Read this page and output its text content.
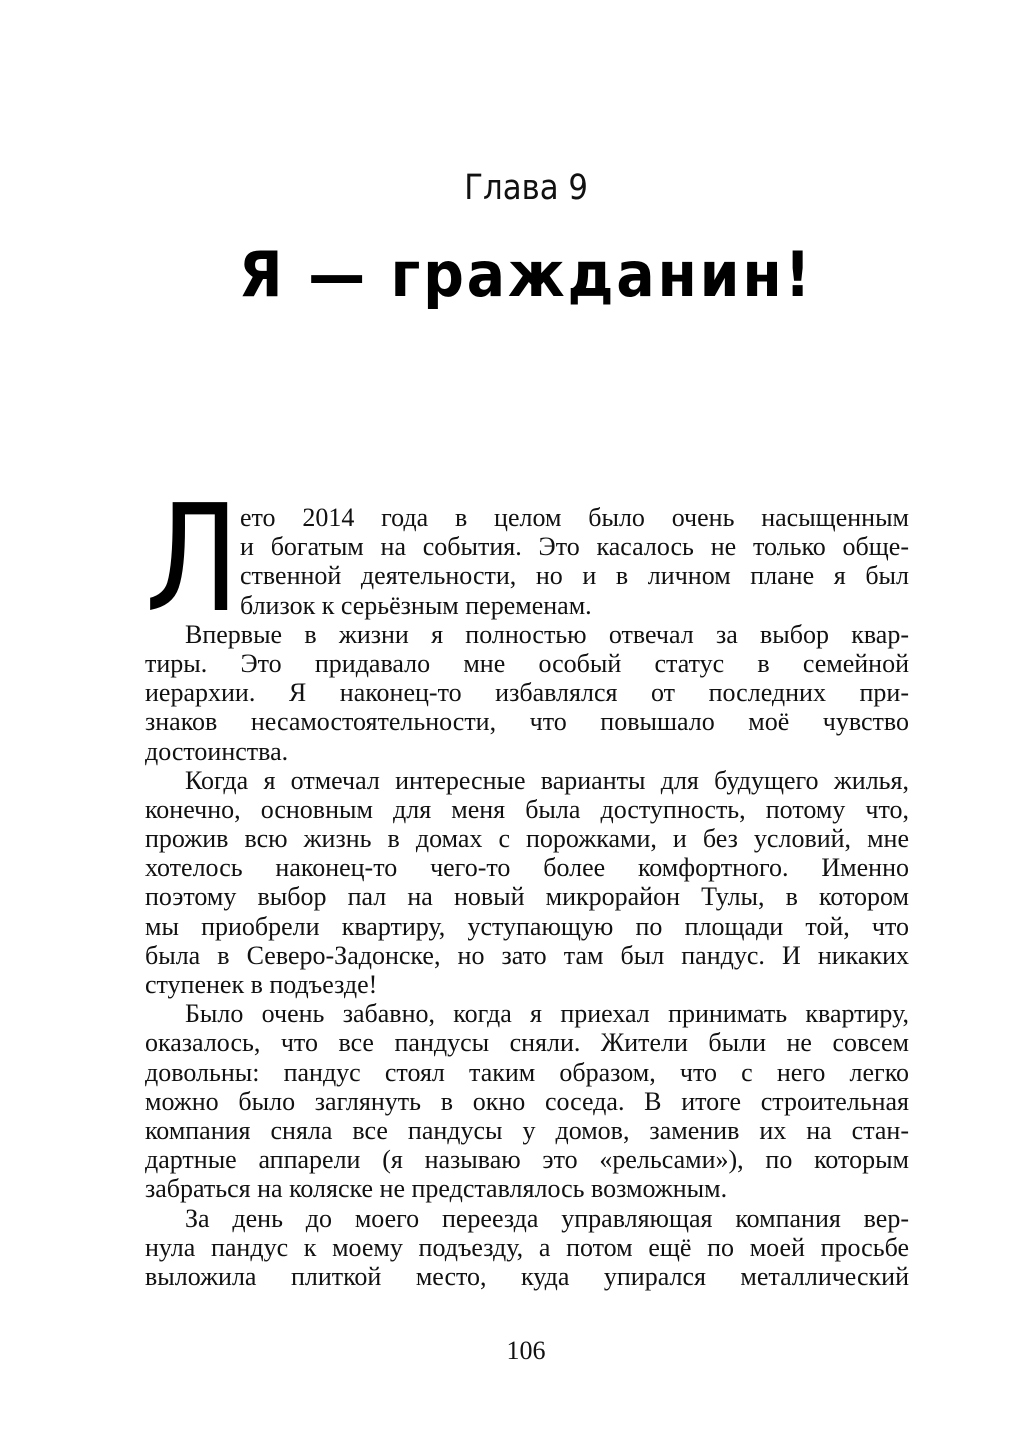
Глава 9
Я — гражданин!
Л ето 2014 года в целом было очень насыщенным
и богатым на события. Это касалось не только обще-
ственной деятельности, но и в личном плане я был
близок к серьёзным переменам.
Впервые в жизни я полностью отвечал за выбор квар-
тиры. Это придавало мне особый статус в семейной
иерархии. Я наконец-то избавлялся от последних при-
знаков несамостоятельности, что повышало моё чувство
достоинства.
Когда я отмечал интересные варианты для будущего жилья,
конечно, основным для меня была доступность, потому что,
прожив всю жизнь в домах с порожками, и без условий, мне
хотелось наконец-то чего-то более комфортного. Именно
поэтому выбор пал на новый микрорайон Тулы, в котором
мы приобрели квартиру, уступающую по площади той, что
была в Северо-Задонске, но зато там был пандус. И никаких
ступенек в подъезде!
Было очень забавно, когда я приехал принимать квартиру,
оказалось, что все пандусы сняли. Жители были не совсем
довольны: пандус стоял таким образом, что с него легко
можно было заглянуть в окно соседа. В итоге строительная
компания сняла все пандусы у домов, заменив их на стан-
дартные аппарели (я называю это «рельсами»), по которым
забраться на коляске не представлялось возможным.
За день до моего переезда управляющая компания вер-
нула пандус к моему подъезду, а потом ещё по моей просьбе
выложила плиткой место, куда упирался металлический
106
